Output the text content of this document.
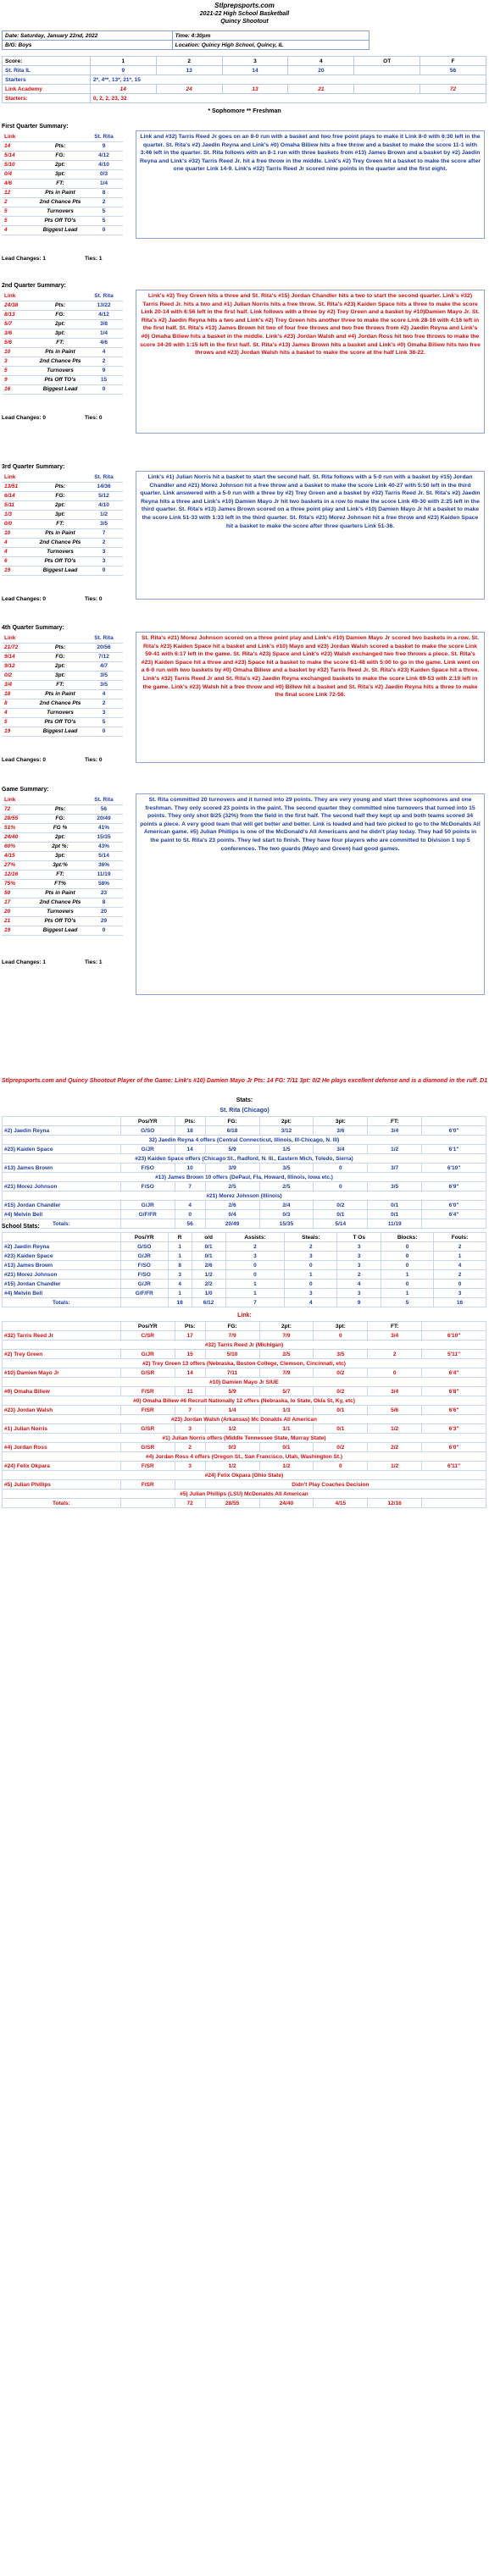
Stlprepsports.com
2021-22 High School Basketball
Quincy Shootout
Date: Saturday, January 22nd, 2022	Time: 4:30pm
B/G: Boys	Location: Quincy High School, Quincy, IL
Score:	1	2	3	4	OT	F
St. Rita IL	9	13	14	20		56
Starters	2*, 4**, 13*, 21*, 15					
Link Academy	14	24	13	21		72
Starters:	0, 2, 2, 23, 32					
* Sophomore ** Freshman
First Quarter Summary:
Link		St. Rita
14	Pts:	9
5/14	FG:	4/12
5/10	2pt:	4/10
0/4	3pt:	0/3
4/6	FT:	1/4
12	Pts in Paint	8
2	2nd Chance Pts	2
5	Turnovers	5
5	Pts Off TO's	5
4	Biggest Lead	0
Lead Changes: 1	Ties: 1
Link and #32) Tarris Reed Jr goes on an 8-0 run with a basket and two free point plays to make it Link 8-0 with 6:30 left in the quarter. St. Rita's #2) Jaedin Reyna and Link's #0) Omaha Biliew hits a free throw and a basket to make the score 11-1 with 3:46 left in the quarter. St. Rita follows with an 8-1 run with three baskets from #13) James Brown and a basket by #2) Jaedin Reyna and Link's #32) Tarris Reed Jr. hit a free throw in the middle. Link's #2) Trey Green hit a basket to make the score after one quarter Link 14-9. Link's #32) Tarris Reed Jr scored nine points in the quarter and the first eight.
2nd Quarter Summary:
Link		St. Rita
24/38	Pts:	13/22
8/13	FG:	4/12
5/7	2pt:	3/8
3/6	3pt:	1/4
5/6	FT:	4/6
10	Pts in Paint	4
3	2nd Chance Pts	2
5	Turnovers	9
9	Pts Off TO's	15
16	Biggest Lead	0
Lead Changes: 0	Ties: 0
Link's #2) Trey Green hits a three and St. Rita's #15) Jordan Chandler hits a two to start the second quarter. Link's #32) Tarris Reed Jr. hits a two and #1) Julian Norris hits a free throw. St. Rita's #23) Kaiden Space hits a three to make the score Link 20-14 with 6:56 left in the first half. Link follows with a three by #2) Trey Green and a basket by #10)Damien Mayo Jr. St. Rita's #2) Jaedin Reyna hits a two and Link's #2) Trey Green hits another three to make the score Link 28-16 with 4:16 left in the first half. St. Rita's #13) James Brown hit two of four free throws and two free throws from #2) Jaedin Reyna and Link's #0) Omaha Biliew hits a basket in the middle. Link's #23) Jordan Walsh and #4) Jordan Ross hit two free throws to make the score 34-20 with 1:15 left in the first half. St. Rita's #13) James Brown hits a basket and Link's #0) Omaha Biliew hits two free throws and #23) Jordan Walsh hits a basket to make the score at the half Link 38-22.
3rd Quarter Summary:
Link		St. Rita
13/51	Pts:	14/36
6/14	FG:	5/12
5/11	2pt:	4/10
1/3	3pt:	1/2
0/0	FT:	3/5
10	Pts in Paint	7
4	2nd Chance Pts	2
4	Turnovers	3
6	Pts Off TO's	3
19	Biggest Lead	0
Lead Changes: 0	Ties: 0
Link's #1) Julian Norris hit a basket to start the second half. St. Rita follows with a 5-0 run with a basket by #15) Jordan Chandler and #21) Morez Johnson hit a free throw and a basket to make the score Link 40-27 with 5:50 left in the third quarter. Link answered with a 5-0 run with a three by #2) Trey Green and a basket by #32) Tarris Reed Jr. St. Rita's #2) Jaedin Reyna hits a three and Link's #10) Damien Mayo Jr hit two baskets in a row to make the score Link 49-30 with 2:25 left in the third quarter. St. Rita's #13) James Brown scored on a three point play and Link's #10) Damien Mayo Jr hit a basket to make the score Link 51-33 with 1:33 left in the third quarter. St. Rita's #21) Morez Johnson hit a free throw and #23) Kaiden Space hit a basket to make the score after three quarters Link 51-36.
4th Quarter Summary:
Link		St. Rita
21/72	Pts:	20/56
9/14	FG:	7/12
9/12	2pt:	4/7
0/2	3pt:	3/5
3/4	FT:	3/5
18	Pts in Paint	4
8	2nd Chance Pts	2
4	Turnovers	3
5	Pts Off TO's	5
19	Biggest Lead	0
Lead Changes: 0	Ties: 0
St. Rita's #21) Morez Johnson scored on a three point play and Link's #10) Damien Mayo Jr scored two baskets in a row. St. Rita's #23) Kaiden Space hit a basket and Link's #10) Mayo and #23) Jordan Walsh scored a basket to make the score Link 59-41 with 6:17 left in the game. St. Rita's #23) Space and Link's #23) Walsh exchanged two free throws a piece. St. Rita's #23) Kaiden Space hit a three and #23) Space hit a basket to make the score 61-48 with 5:00 to go in the game. Link went on a 6-0 run with two baskets by #0) Omaha Biliew and a basket by #32) Tarris Reed Jr. St. Rita's #23) Kaiden Space hit a three. Link's #32) Tarris Reed Jr and St. Rita's #2) Jaedin Reyna exchanged baskets to make the score Link 69-53 with 2:19 left in the game. Link's #23) Walsh hit a free throw and #0) Biliew hit a basket and St. Rita's #2) Jaedin Reyna hits a three to make the final score Link 72-56.
Game Summary:
Link		St. Rita
72	Pts:	56
28/55	FG:	20/49
51%	FG %	41%
24/40	2pt:	15/35
60%	2pt %:	43%
4/15	3pt:	5/14
27%	3pt:%	36%
12/16	FT:	11/19
75%	FT%	58%
50	Pts in Paint	23
17	2nd Chance Pts	8
20	Turnovers	20
21	Pts Off TO's	29
19	Biggest Lead	0
Lead Changes: 1	Ties: 1
St. Rita committed 20 turnovers and it turned into 29 points. They are very young and start three sophomores and one freshman. They only scored 23 points in the paint. The second quarter they committed nine turnovers that turned into 15 points. They only shot 8/25 (32%) from the field in the first half. The second half they kept up and both teams scored 34 points a piece. A very good team that will get better and better. Link is loaded and had two picked to go to the McDonalds All American game. #5) Julian Phillips is one of the McDonald's All Americans and he didn't play today. They had 50 points in the paint to St. Rita's 23 points. They led start to finish. They have four players who are committed to Division 1 top 5 conferences. The two guards (Mayo and Green) had good games.
Stlprepsports.com and Quincy Shootout Player of the Game: Link's #10) Damien Mayo Jr Pts: 14 FG: 7/11 3pt: 0/2 He plays excellent defense and is a diamond in the ruff. D1
Stats:
St. Rita (Chicago)
	Pos/YR	Pts:	FG:	2pt:	3pt:	FT:	
#2) Jaedin Reyna	G/SO	18	6/18	3/12	3/6	3/4	6'0"
32) Jaedin Reyna 4 offers (Central Connecticut, Illinois, Ill-Chicago, N. Ill)							
#23) Kaiden Space	G/JR	14	5/9	1/5	3/4	1/2	6'1"
#23) Kaiden Space offers (Chicago St., Radford, N. Ill., Eastern Mich, Toledo, Sierra)							
#13) James Brown	F/SO	10	3/9	3/5	0	3/7	6'10"
#13) James Brown 10 offers (DePaul, Fla, Howard, Illinois, Iowa etc.)							
#21) Morez Johnson	F/SO	7	2/5	2/5	0	3/5	6'9"
#21) Morez Johnson (Illinois)							
#15) Jordan Chandler	G/JR	4	2/6	2/4	0/2	0/1	6'0"
#4) Melvin Bell	G/F/FR	0	0/4	0/3	0/1	0/1	6'4"
Totals:		56	20/49	15/35	5/14	11/19	
School Stats:
	Pos/YR	R	o/d	Assists:	Steals:	T Os	Blocks:	Fouls:
#2) Jaedin Reyna	G/SO	1	0/1	2	2	3	0	2
#23) Kaiden Space	G/JR	1	0/1	3	3	3	0	1
#13) James Brown	F/SO	8	2/6	0	0	3	0	4
#21) Morez Johnson	F/SO	3	1/2	0	1	2	1	2
#15) Jordan Chandler	G/JR	4	2/2	1	0	4	0	0
#4) Melvin Bell	G/F/FR	1	1/0	1	3	3	1	3
Totals:		18	6/12	7	4	9	5	16
Link:
	Pos/YR	Pts:	FG:	2pt:	3pt:	FT:	
#32) Tarris Reed Jr	C/SR	17	7/9	7/9	0	3/4	6'10"
#32) Tarris Reed Jr (Michigan)							
#2) Trey Green	G/JR	15	5/10	2/5	3/5	2	5'11"
#2) Trey Green 13 offers (Nebraska, Boston College, Clemson, Cincinnati, etc)							
#10) Damien Mayo Jr	G/SR	14	7/11	7/9	0/2	0	6'4"
#10) Damien Mayo Jr SIUE							
#0) Omaha Biliew	F/SR	11	5/9	5/7	0/2	3/4	6'8"
#0) Omaha Biliew #6 Recruit Nationally 12 offers (Nebraska, Io State, Okla St, Ky, etc)							
#23) Jordan Walsh	F/SR	7	1/4	1/3	0/1	5/6	6'6"
#23) Jordan Walsh (Arkansas) Mc Donalds All American							
#1) Julian Norris	G/SR	3	1/2	1/1	0/1	1/2	6'3"
#1) Julian Norris offers (Middle Tennessee State, Murray State)							
#4) Jordan Ross	G/SR	2	0/3	0/1	0/2	2/2	6'0"
#4) Jordan Ross 4 offers (Oregon St., San Francisco, Utah, Washington St.)							
#24) Felix Okpara	F/SR	3	1/2	1/2	0	1/2	6'11"
#24) Felix Okpara (Ohio State)							
#5) Julian Phillips	F/SR	Didn't Play Coaches Decision					
#5) Julian Phillips (LSU) McDonalds All American							
Totals:		72	28/55	24/40	4/15	12/16	
